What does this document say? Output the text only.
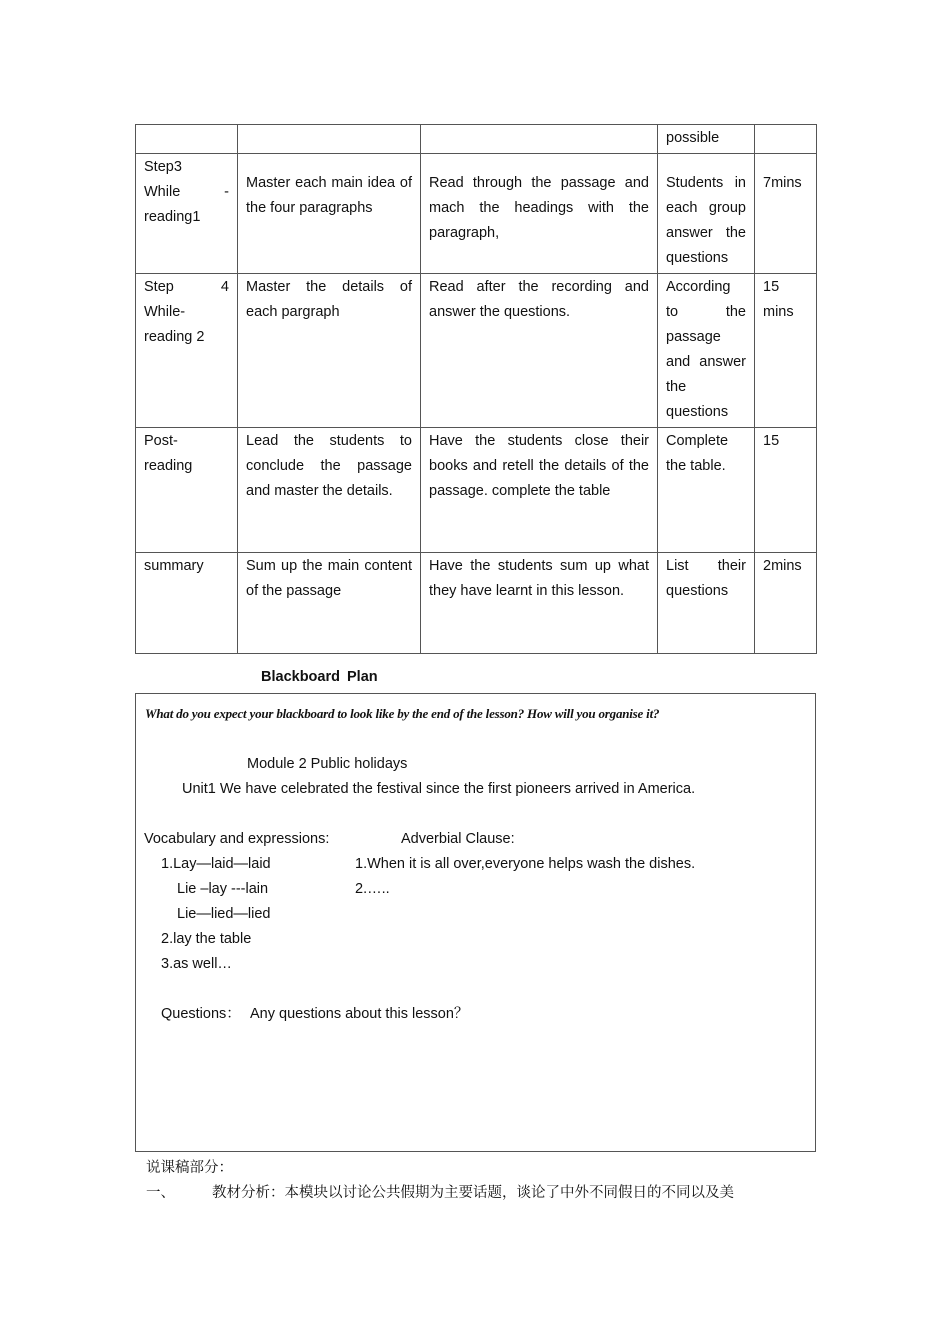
			possible	

Step3
While -
reading1	Master each main idea of the four paragraphs	Read through the passage and mach the headings with the paragraph,	Students in each group answer the questions	7mins
Step 4 While- reading 2	Master the details of each pargraph	Read after the recording and answer the questions.	According to the passage and answer the questions	15 mins
Post- reading	Lead the students to conclude the passage and master the details.	Have the students close their books and retell the details of the passage. complete the table	Complete the table.	15
summary	Sum up the main content of the passage	Have the students sum up what they have learnt in this lesson.	List their questions	2mins
Blackboard Plan
What do you expect your blackboard to look like by the end of the lesson? How will you organise it?
Module 2 Public holidays
Unit1 We have celebrated the festival since the first pioneers arrived in America.
Vocabulary and expressions:	Adverbial Clause:
1.Lay—laid—laid	1.When it is all over,everyone helps wash the dishes.
Lie –lay ---lain	2.…..
Lie—lied—lied
2.lay the table
3.as well…
Questions： Any questions about this lesson？
说课稿部分：
一、	教材分析：本模块以讨论公共假期为主要话题，谈论了中外不同假日的不同以及美
